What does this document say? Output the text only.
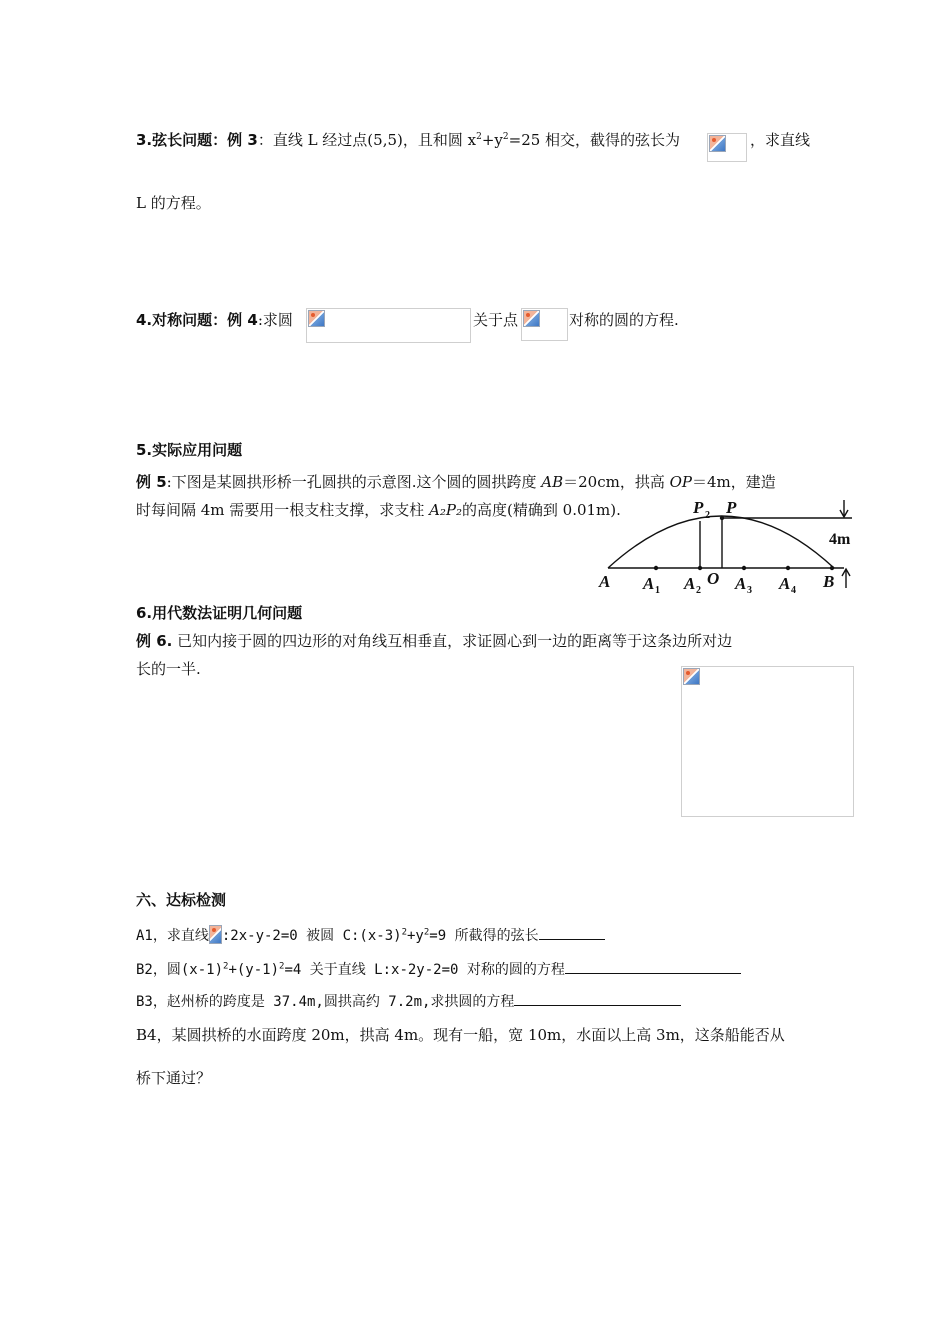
3.弦长问题：例 3：直线 L 经过点(5,5)，且和圆 $x^2+y^2=25$ 相交，截得的弦长为	，求直线
L 的方程。
4.对称问题：例 4:求圆	关于点	对称的圆的方程.
5.实际应用问题
例 5:下图是某圆拱形桥一孔圆拱的示意图.这个圆的圆拱跨度 AB＝20cm，拱高 OP＝4m，建造
时每间隔 4m 需要用一根支柱支撑，求支柱 A₂P₂的高度(精确到 0.01m).
A A 1 A 2
O A 3 A 4 B
P 2 P
4m
6.用代数法证明几何问题
例 6. 已知内接于圆的四边形的对角线互相垂直，求证圆心到一边的距离等于这条边所对边
长的一半.
六、达标检测
A1，求直线 :2x-y-2=0 被圆 $C:(x-3)^2+y^2=9$ 所截得的弦长
B2，圆$(x-1)^2+(y-1)^2=4$ 关于直线 L:x-2y-2=0 对称的圆的方程
B3，赵州桥的跨度是 37.4m,圆拱高约 7.2m,求拱圆的方程
B4，某圆拱桥的水面跨度 20m，拱高 4m。现有一船，宽 10m，水面以上高 3m，这条船能否从
桥下通过？
